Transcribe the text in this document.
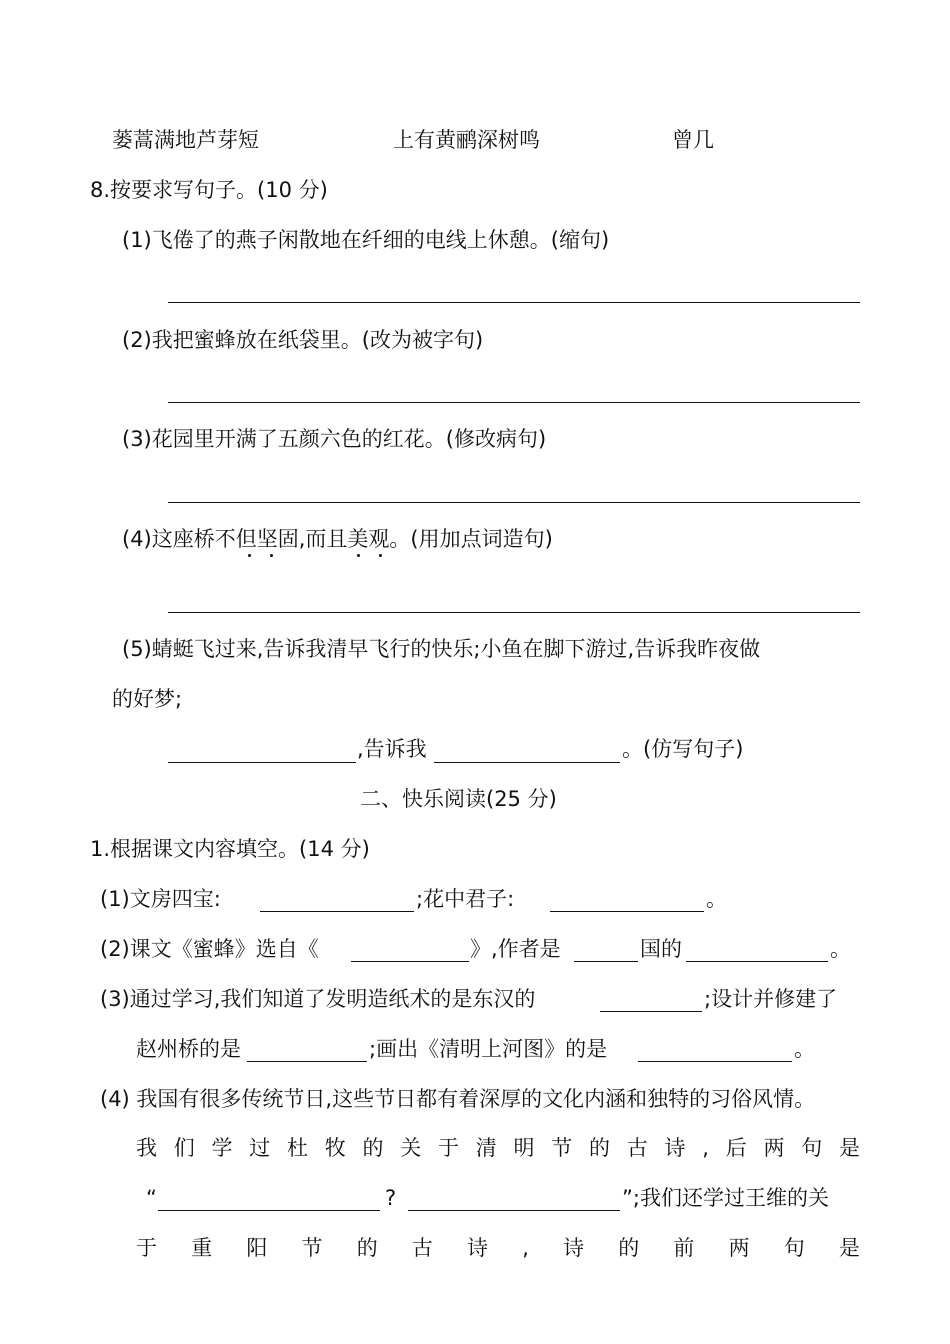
蒌蒿满地芦芽短	上有黄鹂深树鸣	曾几
8.按要求写句子。(10 分)
(1)飞倦了的燕子闲散地在纤细的电线上休憩。(缩句)
(2)我把蜜蜂放在纸袋里。(改为被字句)
(3)花园里开满了五颜六色的红花。(修改病句)
(4)这座桥不但坚固,而且美观。(用加点词造句)
(5)蜻蜓飞过来,告诉我清早飞行的快乐;小鱼在脚下游过,告诉我昨夜做
的好梦;
,告诉我	。(仿写句子)
二、快乐阅读(25 分)
1.根据课文内容填空。(14 分)
(1)文房四宝:	;花中君子:	。
(2)课文《蜜蜂》选自《	》,作者是	国的	。
(3)通过学习,我们知道了发明造纸术的是东汉的	;设计并修建了
赵州桥的是	;画出《清明上河图》的是	。
(4) 我国有很多传统节日,这些节日都有着深厚的文化内涵和独特的习俗风情。
我 们 学 过 杜 牧 的 关 于 清 明 节 的 古 诗 , 后 两 句 是
“	?	”;我们还学过王维的关
于 重 阳 节 的 古 诗 , 诗 的 前 两 句 是
